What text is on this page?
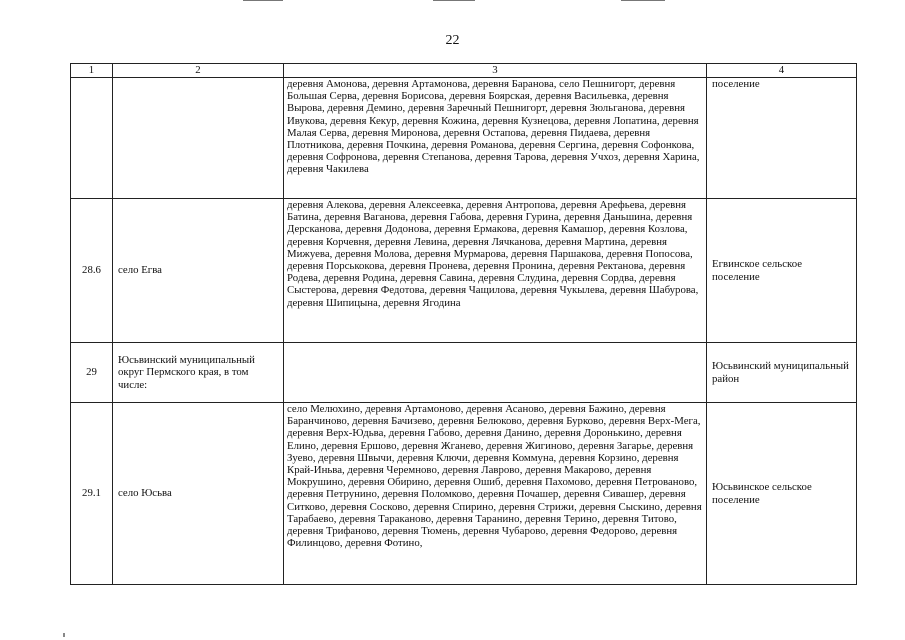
22
1	2	3	4
		деревня Амонова, деревня Артамонова, деревня Баранова, село Пешнигорт, деревня Большая Серва, деревня Борисова, деревня Боярская, деревня Васильевка, деревня Вырова, деревня Демино, деревня Заречный Пешнигорт, деревня Зюльганова, деревня Ивукова, деревня Кекур, деревня Кожина, деревня Кузнецова, деревня Лопатина, деревня Малая Серва, деревня Миронова, деревня Остапова, деревня Пидаева, деревня Плотникова, деревня Почкина, деревня Романова, деревня Сергина, деревня Софонкова, деревня Софронова, деревня Степанова, деревня Тарова, деревня Учхоз, деревня Харина, деревня Чакилева	поселение
28.6	село Егва	деревня Алекова, деревня Алексеевка, деревня Антропова, деревня Арефьева, деревня Батина, деревня Ваганова, деревня Габова, деревня Гурина, деревня Даньшина, деревня Дерсканова, деревня Додонова, деревня Ермакова, деревня Камашор, деревня Козлова, деревня Корчевня, деревня Левина, деревня Лячканова, деревня Мартина, деревня Мижуева, деревня Молова, деревня Мурмарова, деревня Паршакова, деревня Попосова, деревня Порськокова, деревня Пронева, деревня Пронина, деревня Ректанова, деревня Родева, деревня Родина, деревня Савина, деревня Слудина, деревня Сордва, деревня Сыстерова, деревня Федотова, деревня Чащилова, деревня Чукылева, деревня Шабурова, деревня Шипицына, деревня Ягодина	Егвинское сельское поселение
29	Юсьвинский муниципальный округ Пермского края, в том числе:		Юсьвинский муниципальный район
29.1	село Юсьва	село Мелюхино, деревня Артамоново, деревня Асаново, деревня Бажино, деревня Баранчиново, деревня Бачизево, деревня Белюково, деревня Бурково, деревня Верх-Мега, деревня Верх-Юдьва, деревня Габово, деревня Данино, деревня Доронькино, деревня Елино, деревня Ершово, деревня Жганево, деревня Жигиново, деревня Загарье, деревня Зуево, деревня Швычи, деревня Ключи, деревня Коммуна, деревня Корзино, деревня Край-Иньва, деревня Черемново, деревня Лаврово, деревня Макарово, деревня Мокрушино, деревня Обирино, деревня Ошиб, деревня Пахомово, деревня Петрованово, деревня Петрунино, деревня Поломково, деревня Почашер, деревня Сивашер, деревня Ситково, деревня Сосково, деревня Спирино, деревня Стрижи, деревня Сыскино, деревня Тарабаево, деревня Тараканово, деревня Таранино, деревня Терино, деревня Титово, деревня Трифаново, деревня Тюмень, деревня Чубарово, деревня Федорово, деревня Филинцово, деревня Фотино,	Юсьвинское сельское поселение
